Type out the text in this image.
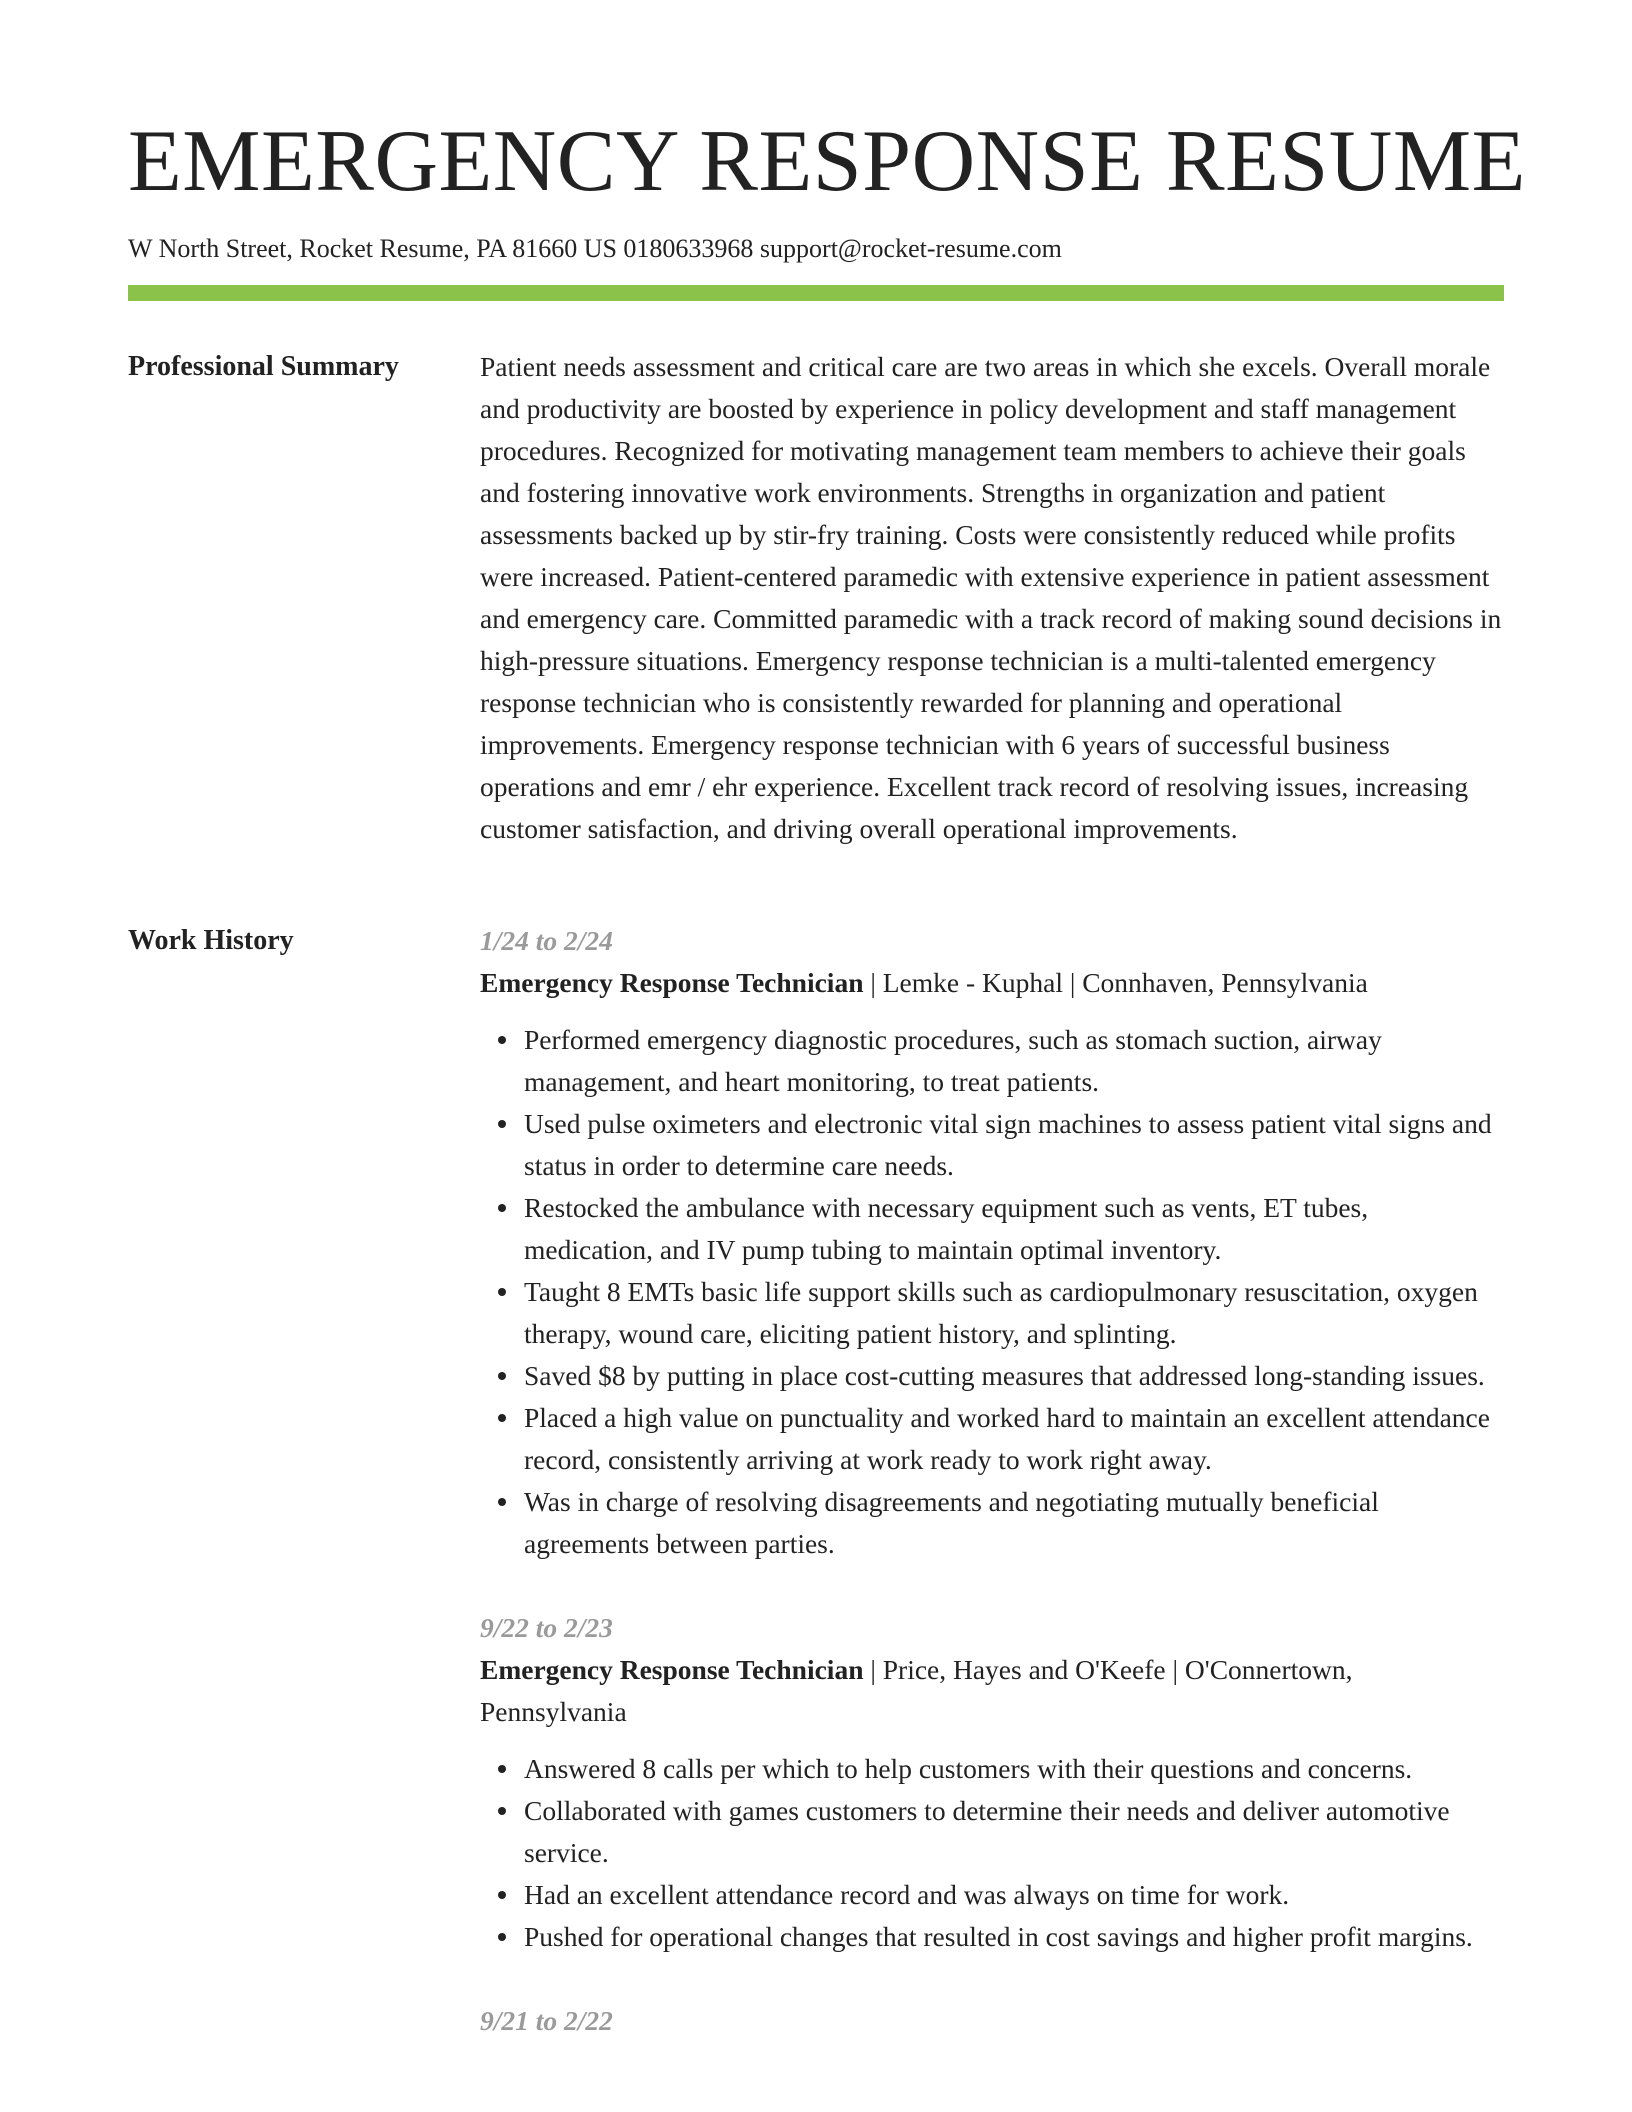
EMERGENCY RESPONSE RESUME
W North Street, Rocket Resume, PA 81660 US 0180633968 support@rocket-resume.com
Professional Summary	Patient needs assessment and critical care are two areas in which she excels. Overall morale and productivity are boosted by experience in policy development and staff management procedures. Recognized for motivating management team members to achieve their goals and fostering innovative work environments. Strengths in organization and patient assessments backed up by stir-fry training. Costs were consistently reduced while profits were increased. Patient-centered paramedic with extensive experience in patient assessment and emergency care. Committed paramedic with a track record of making sound decisions in high-pressure situations. Emergency response technician is a multi-talented emergency response technician who is consistently rewarded for planning and operational improvements. Emergency response technician with 6 years of successful business operations and emr / ehr experience. Excellent track record of resolving issues, increasing customer satisfaction, and driving overall operational improvements.

Work History	1/24 to 2/24

Emergency Response Technician | Lemke - Kuphal | Connhaven, Pennsylvania

Performed emergency diagnostic procedures, such as stomach suction, airway management, and heart monitoring, to treat patients.
Used pulse oximeters and electronic vital sign machines to assess patient vital signs and status in order to determine care needs.
Restocked the ambulance with necessary equipment such as vents, ET tubes, medication, and IV pump tubing to maintain optimal inventory.
Taught 8 EMTs basic life support skills such as cardiopulmonary resuscitation, oxygen therapy, wound care, eliciting patient history, and splinting.
Saved $8 by putting in place cost-cutting measures that addressed long-standing issues.
Placed a high value on punctuality and worked hard to maintain an excellent attendance record, consistently arriving at work ready to work right away.
Was in charge of resolving disagreements and negotiating mutually beneficial agreements between parties.

9/22 to 2/23

Emergency Response Technician | Price, Hayes and O'Keefe | O'Connertown, Pennsylvania

Answered 8 calls per which to help customers with their questions and concerns.
Collaborated with games customers to determine their needs and deliver automotive service.
Had an excellent attendance record and was always on time for work.
Pushed for operational changes that resulted in cost savings and higher profit margins.

9/21 to 2/22
